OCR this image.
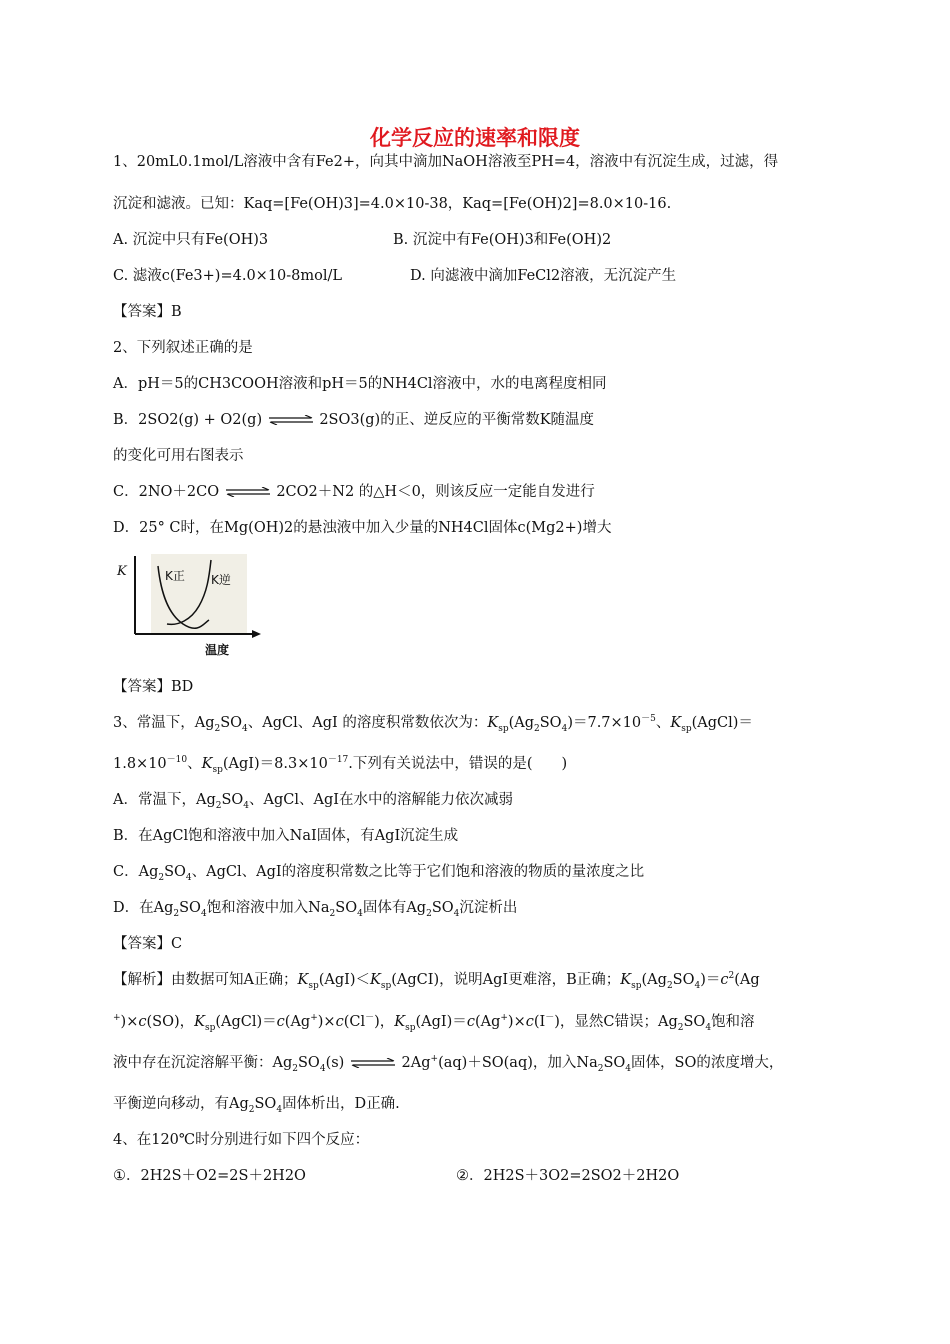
化学反应的速率和限度
1、20mL0.1mol/L溶液中含有Fe2+，向其中滴加NaOH溶液至PH=4，溶液中有沉淀生成，过滤，得
沉淀和滤液。已知：Kaq=[Fe(OH)3]=4.0×10-38，Kaq=[Fe(OH)2]=8.0×10-16.
A. 沉淀中只有Fe(OH)3	B. 沉淀中有Fe(OH)3和Fe(OH)2
C. 滤液c(Fe3+)=4.0×10-8mol/L	D. 向滤液中滴加FeCl2溶液，无沉淀产生
【答案】B
2、下列叙述正确的是
A．pH＝5的CH3COOH溶液和pH＝5的NH4Cl溶液中，水的电离程度相同
B．2SO2(g) + O2(g) ⇌ 2SO3(g)的正、逆反应的平衡常数K随温度
的变化可用右图表示
C．2NO＋2CO ⇌ 2CO2＋N2 的△H＜0，则该反应一定能自发进行
D．25° C时，在Mg(OH)2的悬浊液中加入少量的NH4Cl固体c(Mg2+)增大
K	K正 K逆
温度
【答案】BD
3、常温下，$Ag_2SO_4$、AgCl、AgI 的溶度积常数依次为：$K_{sp}(Ag_2SO_4)=7.7\times 10^{-5}$、$K_{sp}(AgCl)=$
$1.8\times 10^{-10}$、$K_{sp}(AgI)=8.3\times 10^{-17}$.下列有关说法中，错误的是(　　)
A．常温下，$Ag_2SO_4$、AgCl、AgI在水中的溶解能力依次减弱
B．在AgCl饱和溶液中加入NaI固体，有AgI沉淀生成
C．$Ag_2SO_4$、AgCl、AgI的溶度积常数之比等于它们饱和溶液的物质的量浓度之比
D．在$Ag_2SO_4$饱和溶液中加入$Na_2SO_4$固体有$Ag_2SO_4$沉淀析出
【答案】C
【解析】由数据可知A正确；$K_{sp}(AgI)<K_{sp}(AgCI)$，说明AgI更难溶，B正确；$K_{sp}(Ag_2SO_4)=c^2(Ag$
+)×c(SO)，$K_{sp}(AgCl)=c(Ag^+)\times c(Cl^-)$，$K_{sp}(AgI)=c(Ag^+)\times c(I^-)$，显然C错误；$Ag_2SO_4$饱和溶
液中存在沉淀溶解平衡：$Ag_2SO_4(s)$ ⇌ 2Ag+(aq)＋SO(aq)，加入$Na_2SO_4$固体，SO的浓度增大，
平衡逆向移动，有$Ag_2SO_4$固体析出，D正确.
4、在120℃时分别进行如下四个反应：
①．2H2S＋O2=2S＋2H2O	②．2H2S＋3O2=2SO2＋2H2O
